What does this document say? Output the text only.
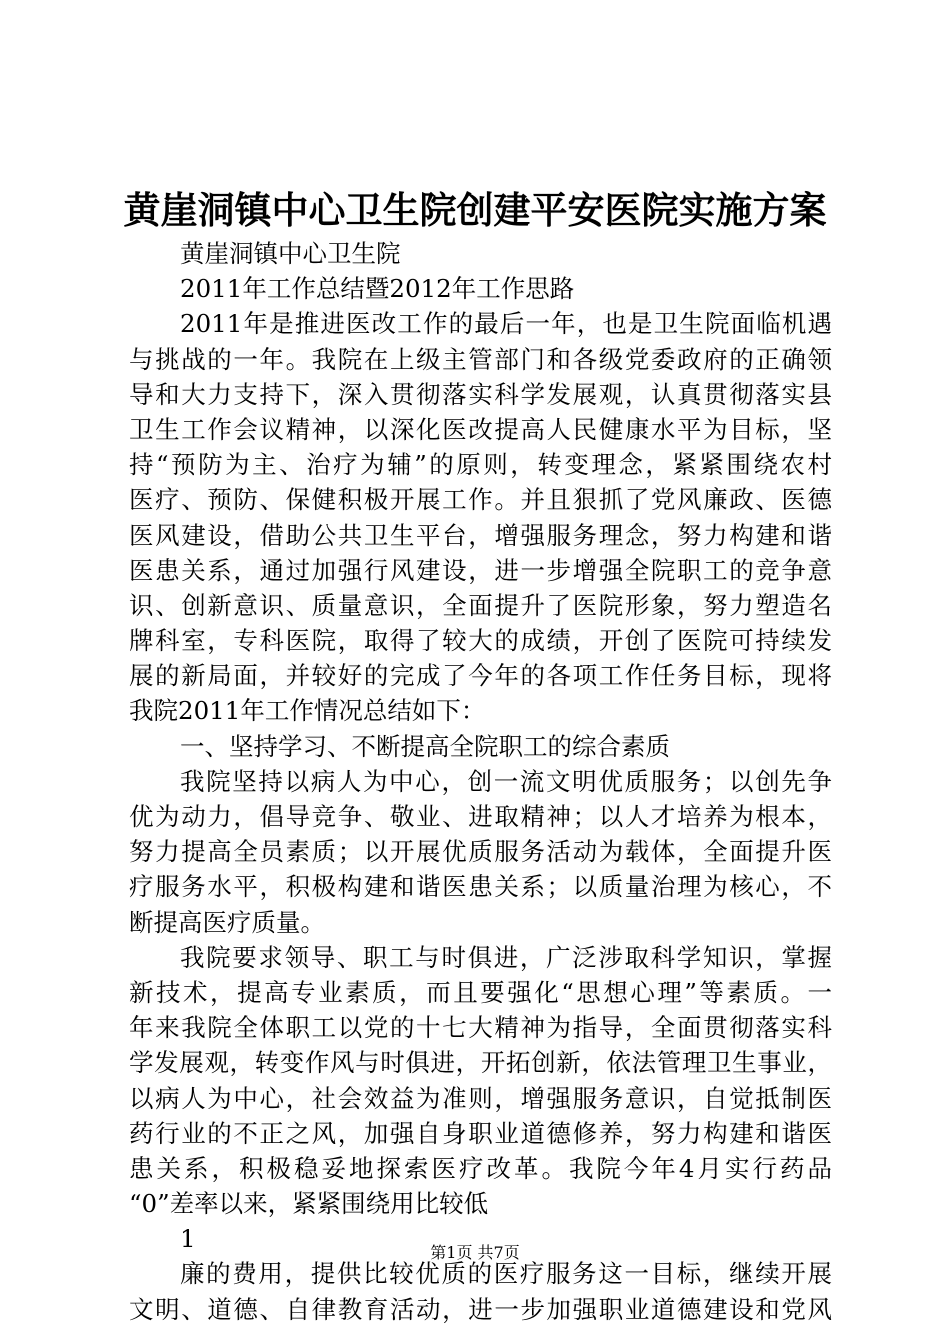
黄崖洞镇中心卫生院创建平安医院实施方案
黄崖洞镇中心卫生院
2011年工作总结暨2012年工作思路
2011年是推进医改工作的最后一年，也是卫生院面临机遇
与挑战的一年。我院在上级主管部门和各级党委政府的正确领
导和大力支持下，深入贯彻落实科学发展观，认真贯彻落实县
卫生工作会议精神，以深化医改提高人民健康水平为目标，坚
持“预防为主、治疗为辅”的原则，转变理念，紧紧围绕农村
医疗、预防、保健积极开展工作。并且狠抓了党风廉政、医德
医风建设，借助公共卫生平台，增强服务理念，努力构建和谐
医患关系，通过加强行风建设，进一步增强全院职工的竞争意
识、创新意识、质量意识，全面提升了医院形象，努力塑造名
牌科室，专科医院，取得了较大的成绩，开创了医院可持续发
展的新局面，并较好的完成了今年的各项工作任务目标，现将
我院2011年工作情况总结如下：
一、坚持学习、不断提高全院职工的综合素质
我院坚持以病人为中心，创一流文明优质服务；以创先争
优为动力，倡导竞争、敬业、进取精神；以人才培养为根本，
努力提高全员素质；以开展优质服务活动为载体，全面提升医
疗服务水平，积极构建和谐医患关系；以质量治理为核心，不
断提高医疗质量。
我院要求领导、职工与时俱进，广泛涉取科学知识，掌握
新技术，提高专业素质，而且要强化“思想心理”等素质。一
年来我院全体职工以党的十七大精神为指导，全面贯彻落实科
学发展观，转变作风与时俱进，开拓创新，依法管理卫生事业，
以病人为中心，社会效益为准则，增强服务意识，自觉抵制医
药行业的不正之风，加强自身职业道德修养，努力构建和谐医
患关系，积极稳妥地探索医疗改革。我院今年4月实行药品
“0”差率以来，紧紧围绕用比较低
1
廉的费用，提供比较优质的医疗服务这一目标，继续开展
文明、道德、自律教育活动，进一步加强职业道德建设和党风
第1页 共7页
